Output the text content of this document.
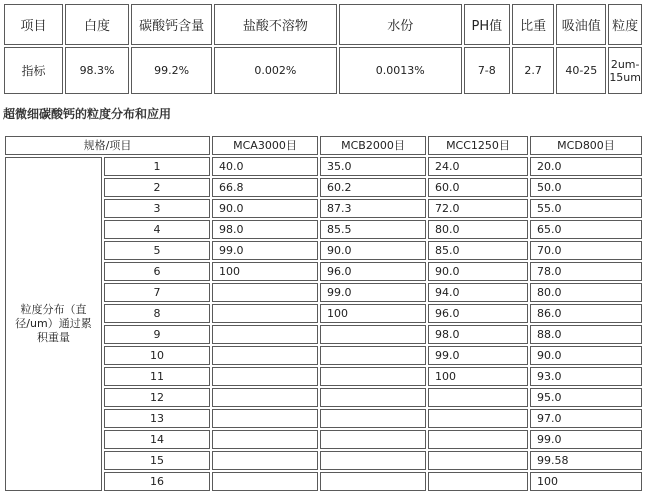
项目	白度	碳酸钙含量	盐酸不溶物	水份	PH值	比重	吸油值	粒度
指标	98.3%	99.2%	0.002%	0.0013%	7-8	2.7	40-25	2um-15um
超微细碳酸钙的粒度分布和应用
规格/项目		MCA3000目	MCB2000目	MCC1250目	MCD800目
粒度分布（直径/um）通过累积重量	1	40.0	35.0	24.0	20.0
	2	66.8	60.2	60.0	50.0
	3	90.0	87.3	72.0	55.0
	4	98.0	85.5	80.0	65.0
	5	99.0	90.0	85.0	70.0
	6	100	96.0	90.0	78.0
	7		99.0	94.0	80.0
	8		100	96.0	86.0
	9			98.0	88.0
	10			99.0	90.0
	11			100	93.0
	12				95.0
	13				97.0
	14				99.0
	15				99.58
	16				100
